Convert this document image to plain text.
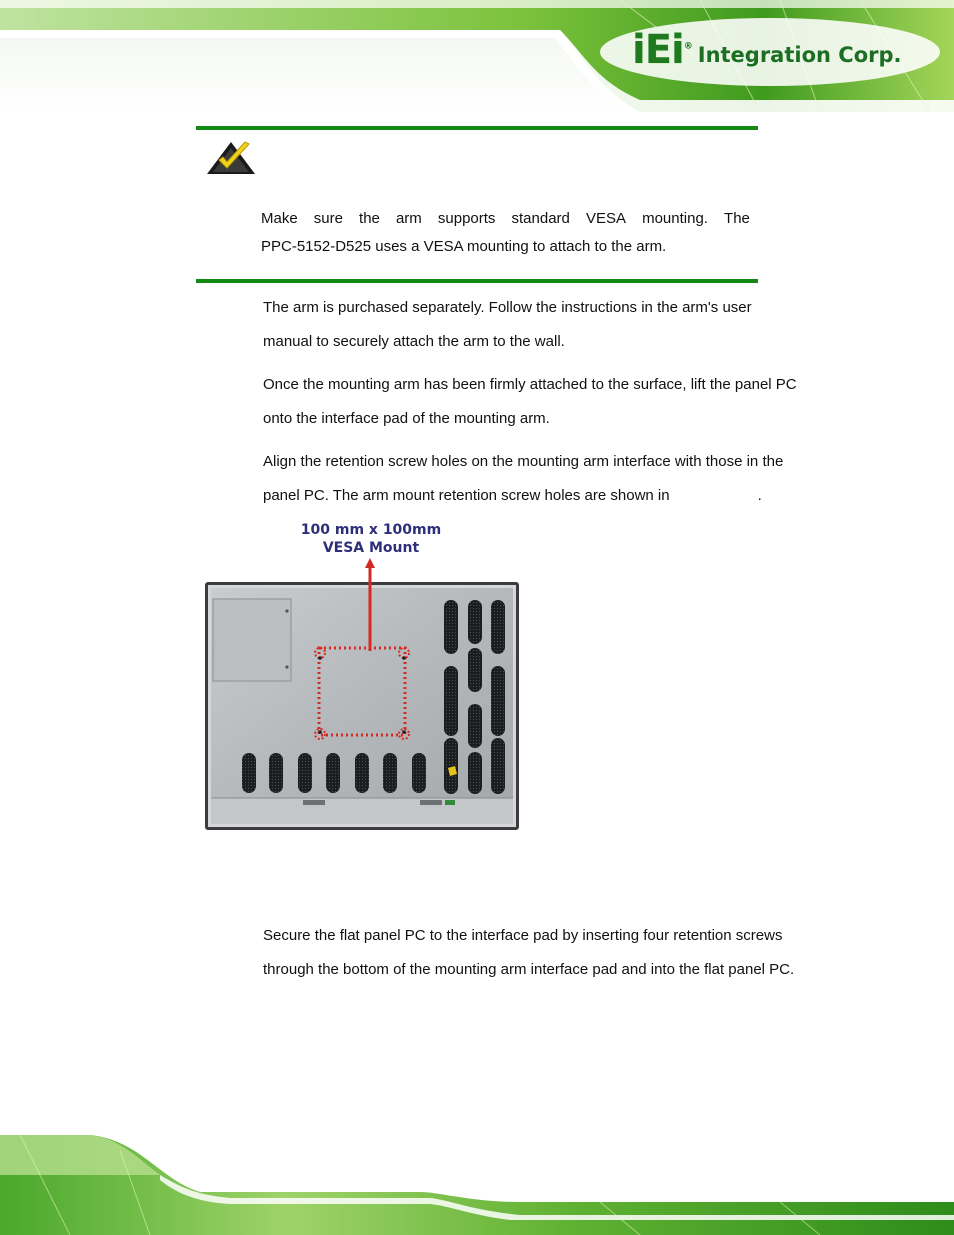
iEi® Integration Corp.
Make sure the arm supports standard VESA mounting. The
PPC-5152-D525 uses a VESA mounting to attach to the arm.
The arm is purchased separately. Follow the instructions in the arm's user
manual to securely attach the arm to the wall.
Once the mounting arm has been firmly attached to the surface, lift the panel PC
onto the interface pad of the mounting arm.
Align the retention screw holes on the mounting arm interface with those in the
panel PC. The arm mount retention screw holes are shown in	.
100 mm x 100mm
VESA Mount
Secure the flat panel PC to the interface pad by inserting four retention screws
through the bottom of the mounting arm interface pad and into the flat panel PC.
